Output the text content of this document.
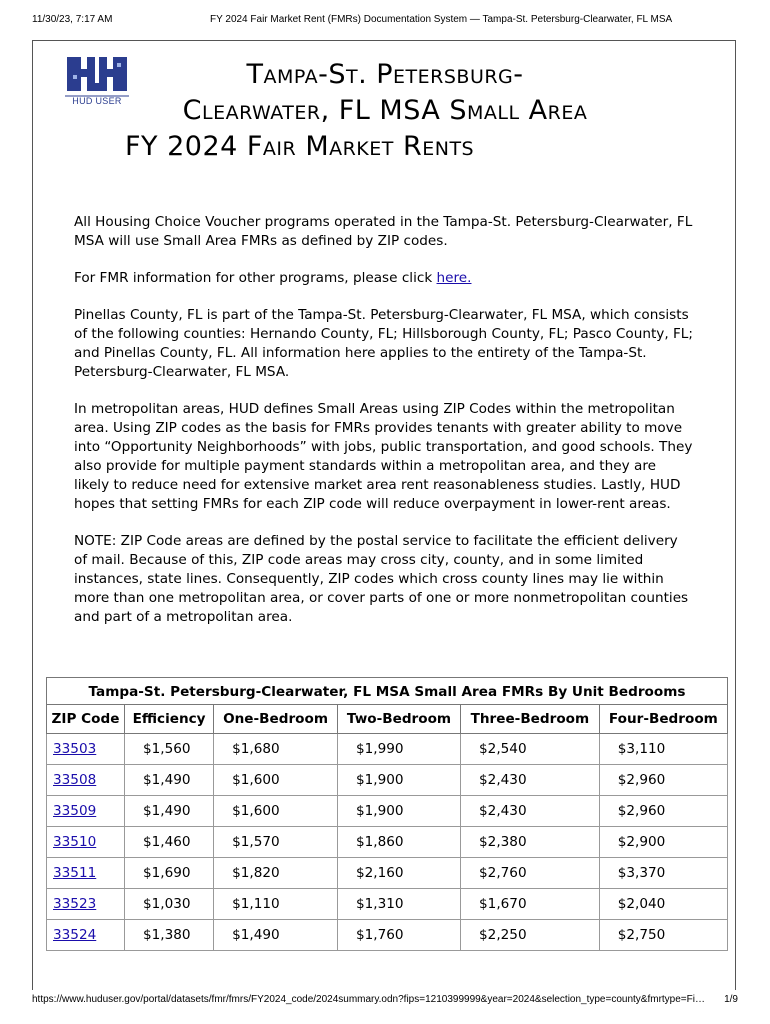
11/30/23, 7:17 AM	FY 2024 Fair Market Rent (FMRs) Documentation System — Tampa-St. Petersburg-Clearwater, FL MSA
HUD USER
Tampa-St. Petersburg-
Clearwater, FL MSA Small Area
FY 2024 Fair Market Rents

All Housing Choice Voucher programs operated in the Tampa-St. Petersburg-Clearwater, FL MSA will use Small Area FMRs as defined by ZIP codes.

For FMR information for other programs, please click here.

Pinellas County, FL is part of the Tampa-St. Petersburg-Clearwater, FL MSA, which consists of the following counties: Hernando County, FL; Hillsborough County, FL; Pasco County, FL; and Pinellas County, FL. All information here applies to the entirety of the Tampa-St. Petersburg-Clearwater, FL MSA.

In metropolitan areas, HUD defines Small Areas using ZIP Codes within the metropolitan area. Using ZIP codes as the basis for FMRs provides tenants with greater ability to move into “Opportunity Neighborhoods” with jobs, public transportation, and good schools. They also provide for multiple payment standards within a metropolitan area, and they are likely to reduce need for extensive market area rent reasonableness studies. Lastly, HUD hopes that setting FMRs for each ZIP code will reduce overpayment in lower-rent areas.

NOTE: ZIP Code areas are defined by the postal service to facilitate the efficient delivery of mail. Because of this, ZIP code areas may cross city, county, and in some limited instances, state lines. Consequently, ZIP codes which cross county lines may lie within more than one metropolitan area, or cover parts of one or more nonmetropolitan counties and part of a metropolitan area.

Tampa-St. Petersburg-Clearwater, FL MSA Small Area FMRs By Unit Bedrooms
ZIP Code	Efficiency	One-Bedroom	Two-Bedroom	Three-Bedroom	Four-Bedroom
33503	$1,560	$1,680	$1,990	$2,540	$3,110
33508	$1,490	$1,600	$1,900	$2,430	$2,960
33509	$1,490	$1,600	$1,900	$2,430	$2,960
33510	$1,460	$1,570	$1,860	$2,380	$2,900
33511	$1,690	$1,820	$2,160	$2,760	$3,370
33523	$1,030	$1,110	$1,310	$1,670	$2,040
33524	$1,380	$1,490	$1,760	$2,250	$2,750
https://www.huduser.gov/portal/datasets/fmr/fmrs/FY2024_code/2024summary.odn?fips=1210399999&year=2024&selection_type=county&fmrtype=Fi…	1/9
